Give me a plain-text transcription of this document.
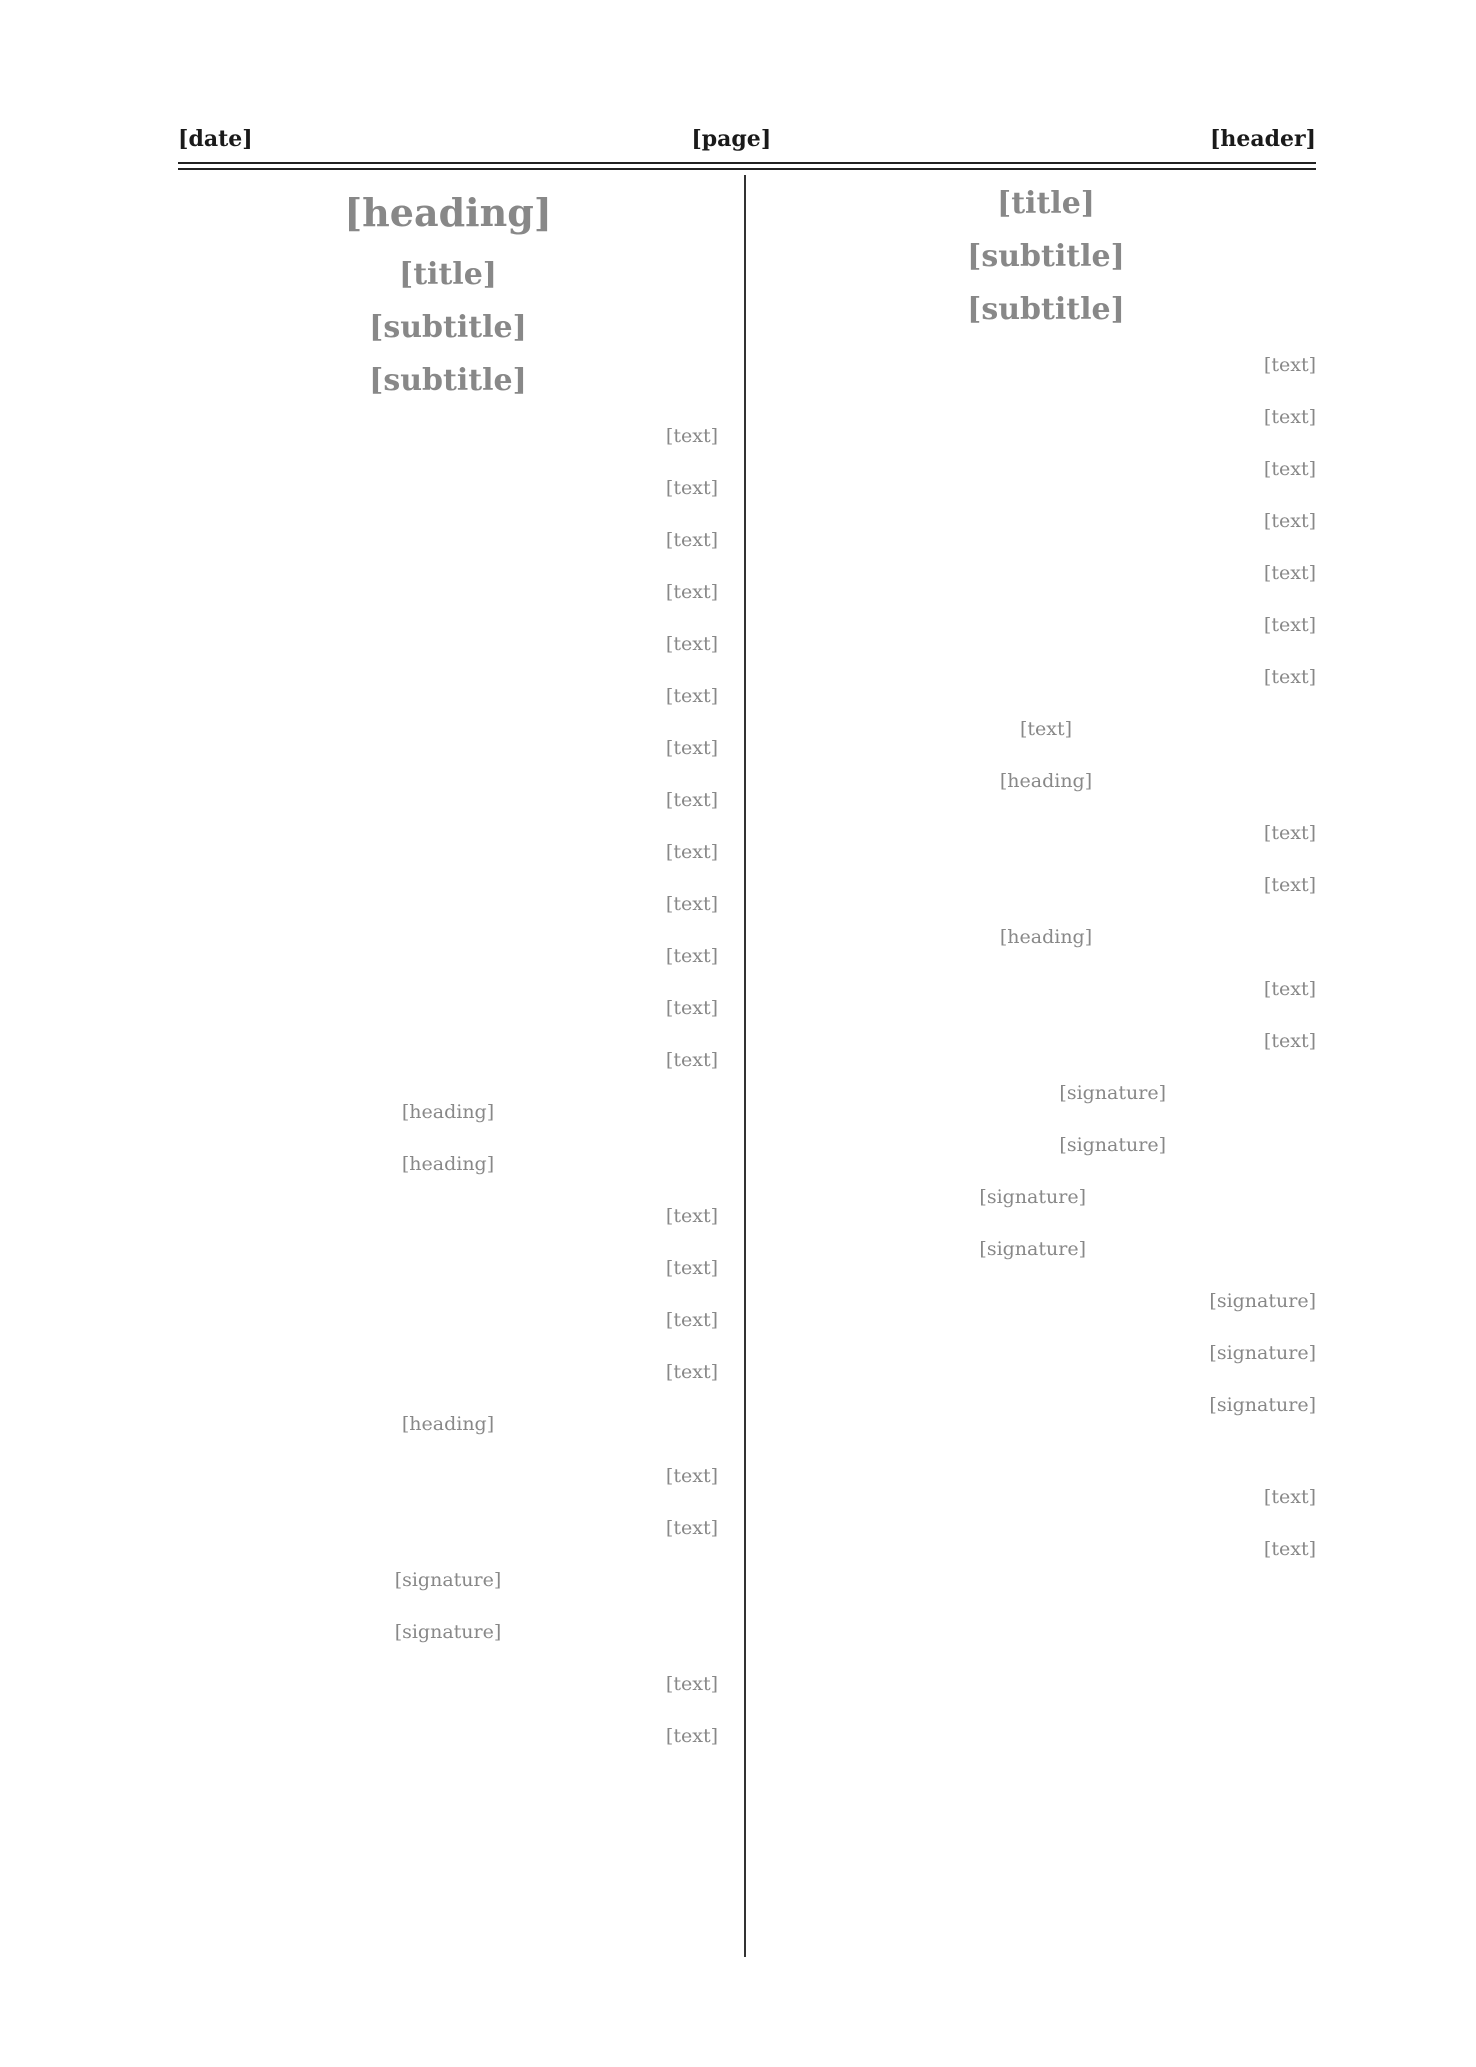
[header]
[page]
[date]
[title]
[subtitle]
[subtitle]
[text]
[text]
[text]
[text]
[text]
[text]
[text]
[text]
[heading]
[text]
[text]
[heading]
[text]
[text]
[signature]
[signature]
[signature]
[signature]
[signature]
[signature]
[signature]
[text]
[text]
[heading]
[title]
[subtitle]
[subtitle]
[text]
[text]
[text]
[text]
[text]
[text]
[text]
[text]
[text]
[text]
[text]
[text]
[text]
[heading]
[heading]
[text]
[text]
[text]
[text]
[heading]
[text]
[text]
[signature]
[signature]
[text]
[text]
